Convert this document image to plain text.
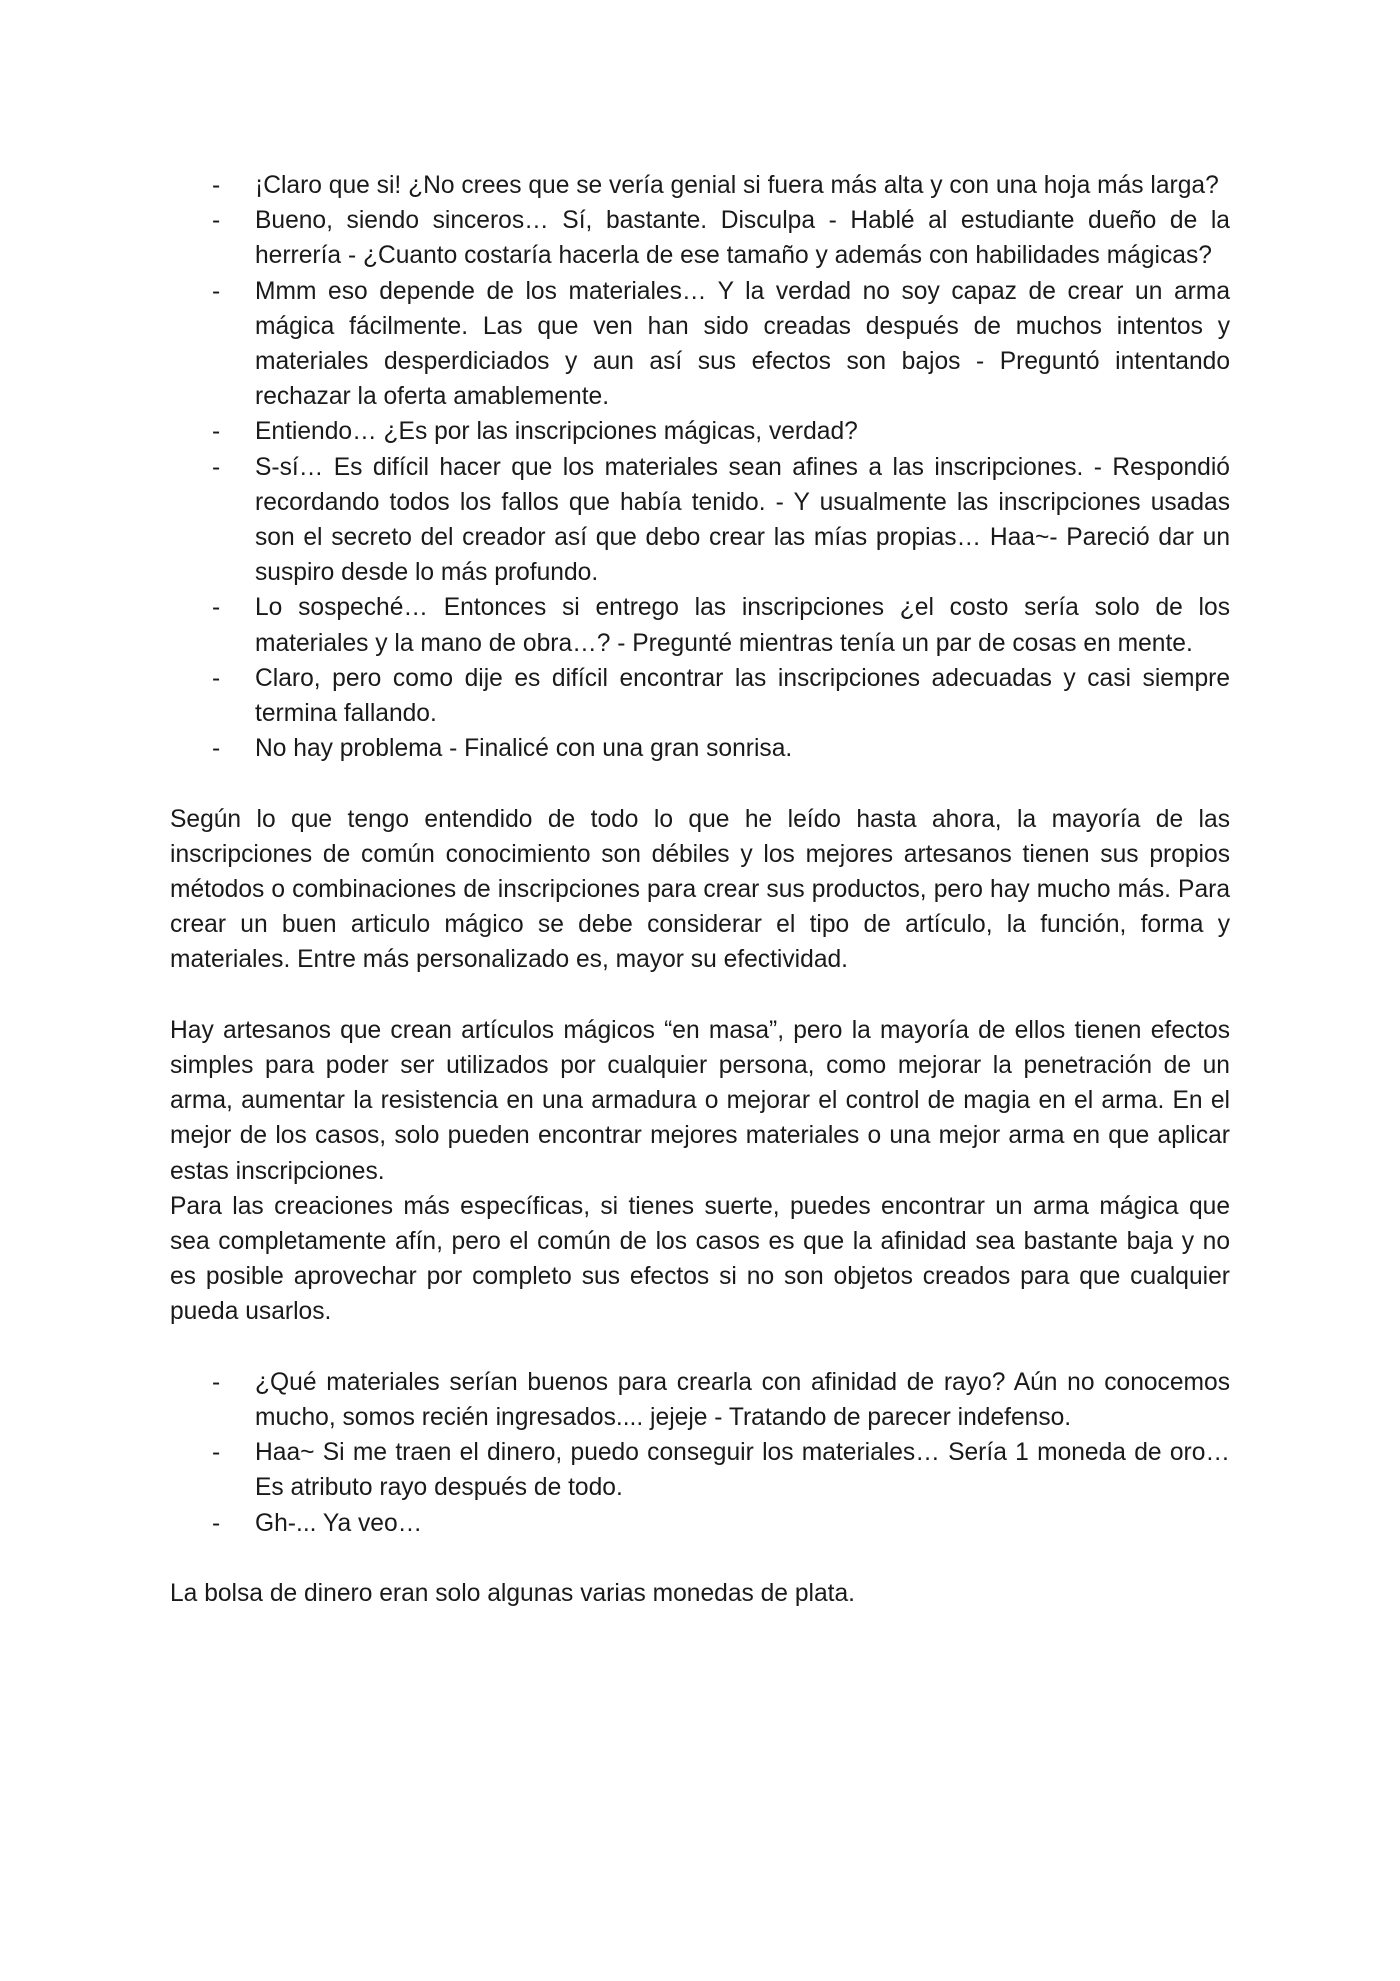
- ¡Claro que si! ¿No crees que se vería genial si fuera más alta y con una hoja más larga?
- Bueno, siendo sinceros… Sí, bastante. Disculpa - Hablé al estudiante dueño de la herrería - ¿Cuanto costaría hacerla de ese tamaño y además con habilidades mágicas?
- Mmm eso depende de los materiales… Y la verdad no soy capaz de crear un arma mágica fácilmente. Las que ven han sido creadas después de muchos intentos y materiales desperdiciados y aun así sus efectos son bajos - Preguntó intentando rechazar la oferta amablemente.
- Entiendo… ¿Es por las inscripciones mágicas, verdad?
- S-sí… Es difícil hacer que los materiales sean afines a las inscripciones. - Respondió recordando todos los fallos que había tenido. - Y usualmente las inscripciones usadas son el secreto del creador así que debo crear las mías propias… Haa~- Pareció dar un suspiro desde lo más profundo.
- Lo sospeché… Entonces si entrego las inscripciones ¿el costo sería solo de los materiales y la mano de obra…? - Pregunté mientras tenía un par de cosas en mente.
- Claro, pero como dije es difícil encontrar las inscripciones adecuadas y casi siempre termina fallando.
- No hay problema - Finalicé con una gran sonrisa.

Según lo que tengo entendido de todo lo que he leído hasta ahora, la mayoría de las inscripciones de común conocimiento son débiles y los mejores artesanos tienen sus propios métodos o combinaciones de inscripciones para crear sus productos, pero hay mucho más. Para crear un buen articulo mágico se debe considerar el tipo de artículo, la función, forma y materiales. Entre más personalizado es, mayor su efectividad.

Hay artesanos que crean artículos mágicos “en masa”, pero la mayoría de ellos tienen efectos simples para poder ser utilizados por cualquier persona, como mejorar la penetración de un arma, aumentar la resistencia en una armadura o mejorar el control de magia en el arma. En el mejor de los casos, solo pueden encontrar mejores materiales o una mejor arma en que aplicar estas inscripciones.

Para las creaciones más específicas, si tienes suerte, puedes encontrar un arma mágica que sea completamente afín, pero el común de los casos es que la afinidad sea bastante baja y no es posible aprovechar por completo sus efectos si no son objetos creados para que cualquier pueda usarlos.

- ¿Qué materiales serían buenos para crearla con afinidad de rayo? Aún no conocemos mucho, somos recién ingresados.... jejeje - Tratando de parecer indefenso.
- Haa~ Si me traen el dinero, puedo conseguir los materiales… Sería 1 moneda de oro… Es atributo rayo después de todo.
- Gh-... Ya veo…

La bolsa de dinero eran solo algunas varias monedas de plata.
